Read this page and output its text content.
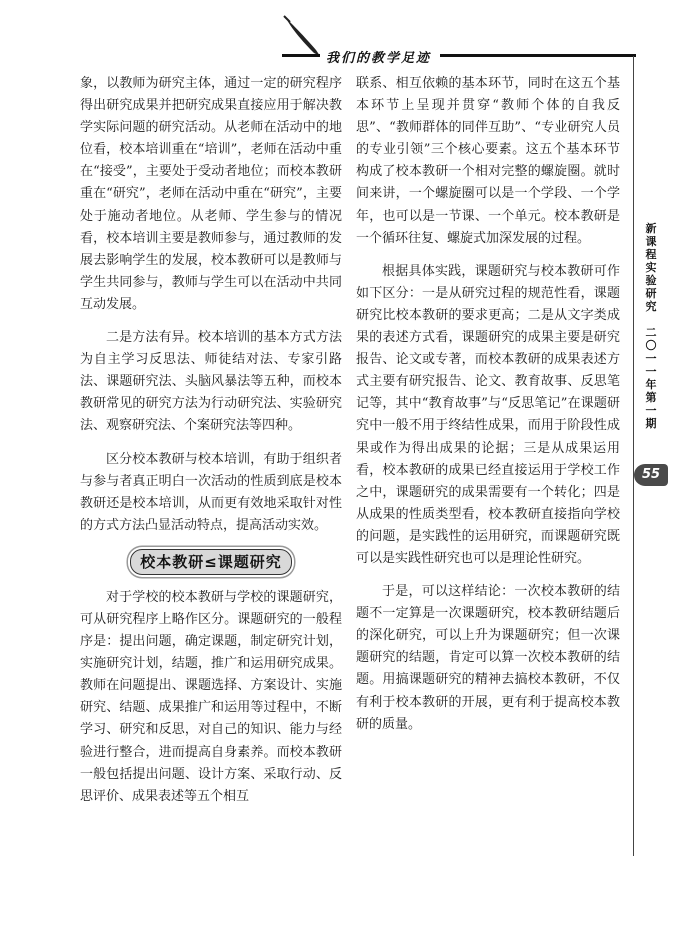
我们的教学足迹

象，以教师为研究主体，通过一定的研究程序得出研究成果并把研究成果直接应用于解决教学实际问题的研究活动。从老师在活动中的地位看，校本培训重在“培训”，老师在活动中重在“接受”，主要处于受动者地位；而校本教研重在“研究”，老师在活动中重在“研究”，主要处于施动者地位。从老师、学生参与的情况看，校本培训主要是教师参与，通过教师的发展去影响学生的发展，校本教研可以是教师与学生共同参与，教师与学生可以在活动中共同互动发展。

二是方法有异。校本培训的基本方式方法为自主学习反思法、师徒结对法、专家引路法、课题研究法、头脑风暴法等五种，而校本教研常见的研究方法为行动研究法、实验研究法、观察研究法、个案研究法等四种。

区分校本教研与校本培训，有助于组织者与参与者真正明白一次活动的性质到底是校本教研还是校本培训，从而更有效地采取针对性的方式方法凸显活动特点，提高活动实效。

校本教研≤课题研究

对于学校的校本教研与学校的课题研究，可从研究程序上略作区分。课题研究的一般程序是：提出问题，确定课题，制定研究计划，实施研究计划，结题，推广和运用研究成果。教师在问题提出、课题选择、方案设计、实施研究、结题、成果推广和运用等过程中，不断学习、研究和反思，对自己的知识、能力与经验进行整合，进而提高自身素养。而校本教研一般包括提出问题、设计方案、采取行动、反思评价、成果表述等五个相互

联系、相互依赖的基本环节，同时在这五个基本环节上呈现并贯穿“教师个体的自我反思”、“教师群体的同伴互助”、“专业研究人员的专业引领”三个核心要素。这五个基本环节构成了校本教研一个相对完整的螺旋圈。就时间来讲，一个螺旋圈可以是一个学段、一个学年，也可以是一节课、一个单元。校本教研是一个循环往复、螺旋式加深发展的过程。

根据具体实践，课题研究与校本教研可作如下区分：一是从研究过程的规范性看，课题研究比校本教研的要求更高；二是从文字类成果的表述方式看，课题研究的成果主要是研究报告、论文或专著，而校本教研的成果表述方式主要有研究报告、论文、教育故事、反思笔记等，其中“教育故事”与“反思笔记”在课题研究中一般不用于终结性成果，而用于阶段性成果或作为得出成果的论据；三是从成果运用看，校本教研的成果已经直接运用于学校工作之中，课题研究的成果需要有一个转化；四是从成果的性质类型看，校本教研直接指向学校的问题，是实践性的运用研究，而课题研究既可以是实践性研究也可以是理论性研究。

于是，可以这样结论：一次校本教研的结题不一定算是一次课题研究，校本教研结题后的深化研究，可以上升为课题研究；但一次课题研究的结题，肯定可以算一次校本教研的结题。用搞课题研究的精神去搞校本教研，不仅有利于校本教研的开展，更有利于提高校本教研的质量。

新
课
程
实
验
研
究
二
〇
一
一
年
第
一
期
55
